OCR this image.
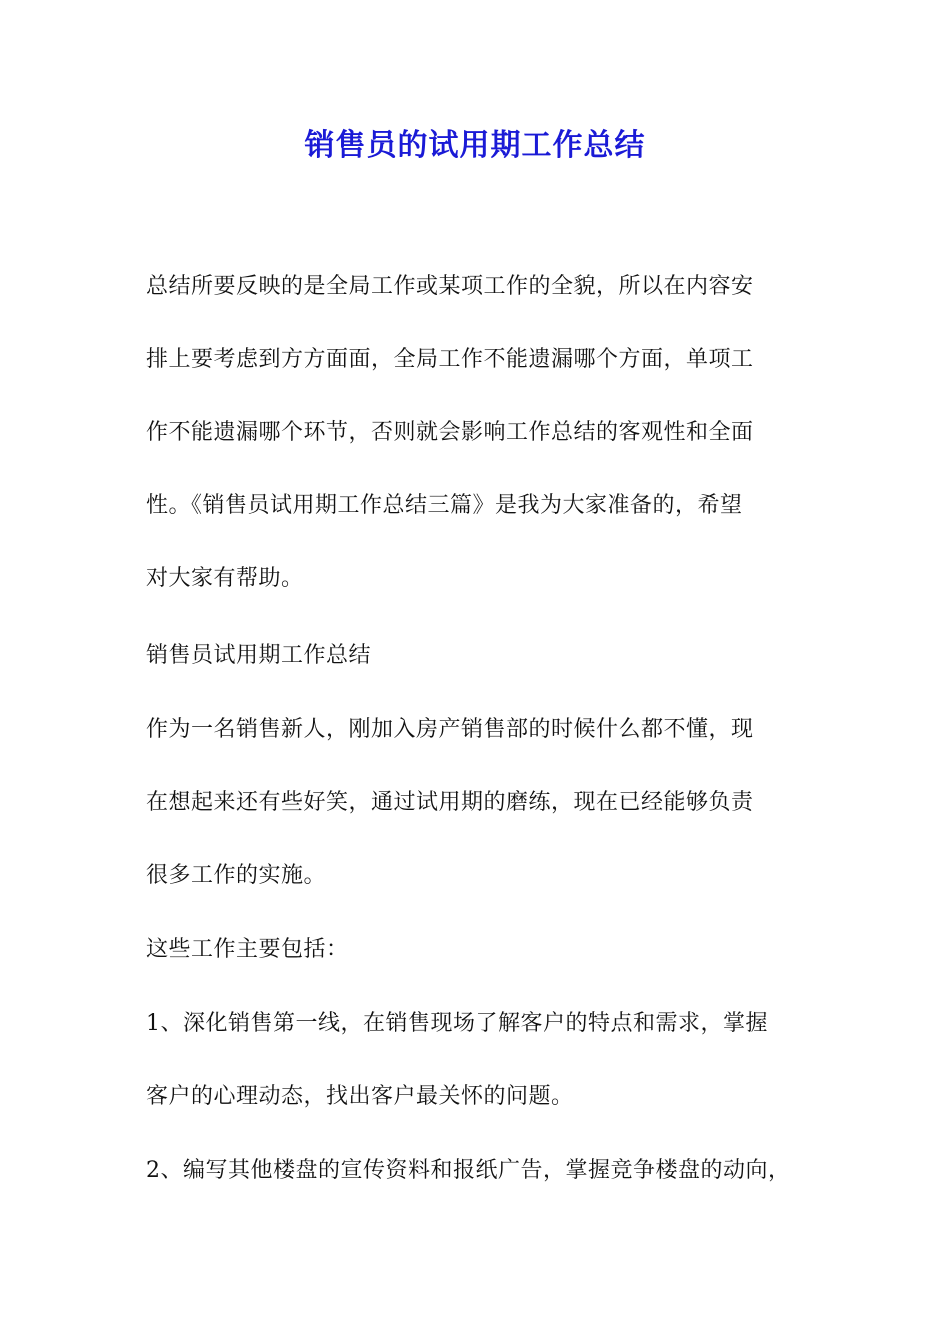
销售员的试用期工作总结
总结所要反映的是全局工作或某项工作的全貌，所以在内容安
排上要考虑到方方面面，全局工作不能遗漏哪个方面，单项工
作不能遗漏哪个环节，否则就会影响工作总结的客观性和全面
性。《销售员试用期工作总结三篇》是我为大家准备的，希望
对大家有帮助。
销售员试用期工作总结
作为一名销售新人，刚加入房产销售部的时候什么都不懂，现
在想起来还有些好笑，通过试用期的磨练，现在已经能够负责
很多工作的实施。
这些工作主要包括：
1、深化销售第一线，在销售现场了解客户的特点和需求，掌握
客户的心理动态，找出客户最关怀的问题。
2、编写其他楼盘的宣传资料和报纸广告，掌握竞争楼盘的动向，
